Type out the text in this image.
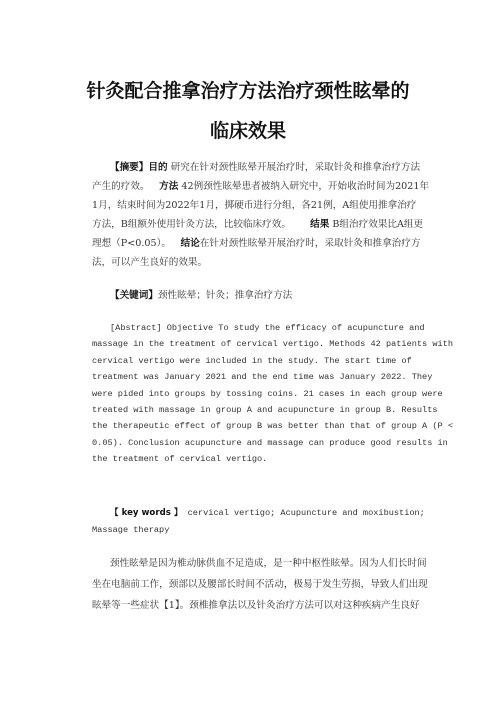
针灸配合推拿治疗方法治疗颈性眩晕的
临床效果
【摘要】目的 研究在针对颈性眩晕开展治疗时，采取针灸和推拿治疗方法
产生的疗效。  方法 42例颈性眩晕患者被纳入研究中，开始收治时间为2021年
1月，结束时间为2022年1月，掷硬币进行分组，各21例，A组使用推拿治疗
方法，B组额外使用针灸方法，比较临床疗效。   结果 B组治疗效果比A组更
理想（P<0.05）。  结论在针对颈性眩晕开展治疗时，采取针灸和推拿治疗方
法，可以产生良好的效果。
【关键词】颈性眩晕；针灸；推拿治疗方法
[Abstract] Objective To study the efficacy of acupuncture and
massage in the treatment of cervical vertigo. Methods 42 patients with
cervical vertigo were included in the study. The start time of
treatment was January 2021 and the end time was January 2022. They
were pided into groups by tossing coins. 21 cases in each group were
treated with massage in group A and acupuncture in group B. Results
the therapeutic effect of group B was better than that of group A (P <
0.05). Conclusion acupuncture and massage can produce good results in
the treatment of cervical vertigo.
【 key words 】 cervical vertigo; Acupuncture and moxibustion;
Massage therapy
颈性眩晕是因为椎动脉供血不足造成，是一种中枢性眩晕。因为人们长时间
坐在电脑前工作，颈部以及腰部长时间不活动，极易于发生劳损，导致人们出现
眩晕等一些症状【1】。颈椎推拿法以及针灸治疗方法可以对这种疾病产生良好
